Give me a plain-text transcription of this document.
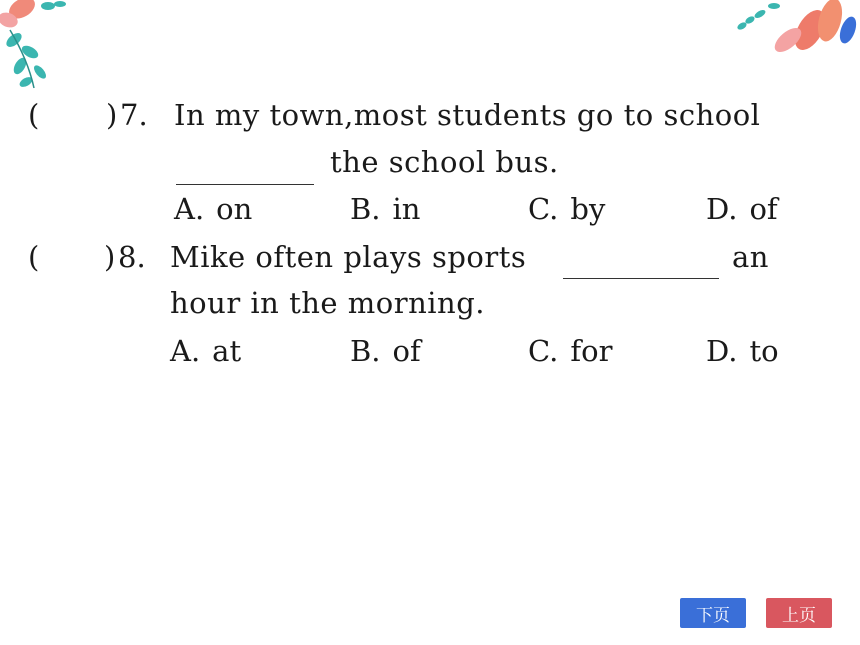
( ) 7. In my town,most students go to school
the school bus.
A. on	B. in	C. by	D. of
( ) 8. Mike often plays sports	an
hour in the morning.
A. at	B. of	C. for	D. to
下页	上页
